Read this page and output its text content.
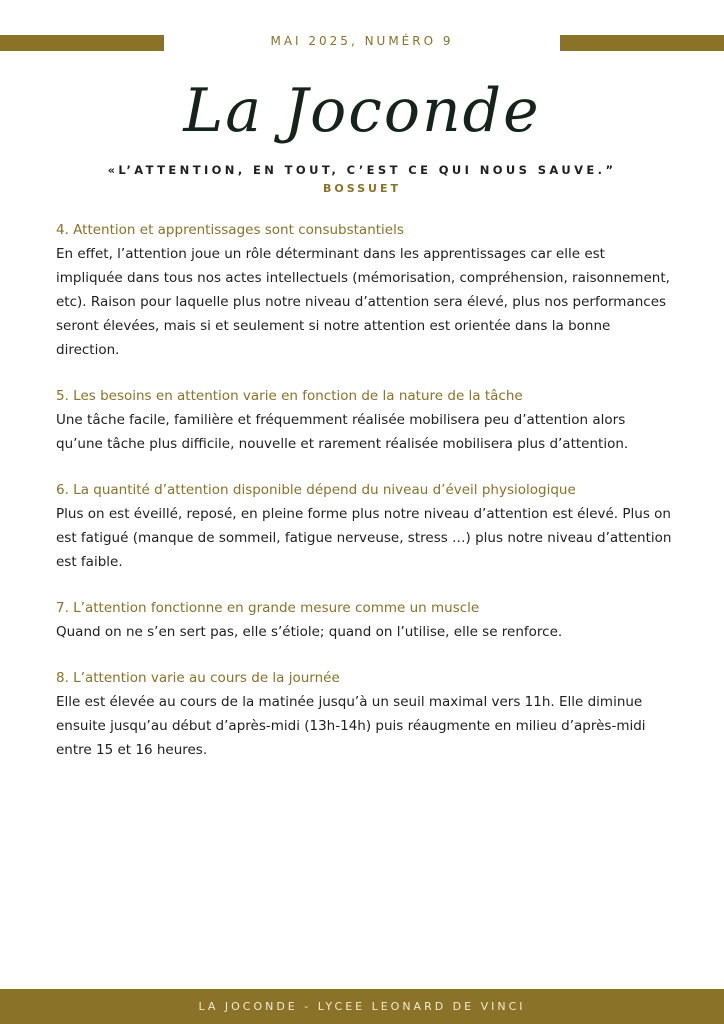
MAI 2025, NUMÉRO 9
La Joconde
«L’ATTENTION, EN TOUT, C’EST CE QUI NOUS SAUVE.”
BOSSUET
4. Attention et apprentissages sont consubstantiels

En effet, l’attention joue un rôle déterminant dans les apprentissages car elle est impliquée dans tous nos actes intellectuels (mémorisation, compréhension, raisonnement, etc). Raison pour laquelle plus notre niveau d’attention sera élevé, plus nos performances seront élevées, mais si et seulement si notre attention est orientée dans la bonne direction.

5. Les besoins en attention varie en fonction de la nature de la tâche

Une tâche facile, familière et fréquemment réalisée mobilisera peu d’attention alors qu’une tâche plus difficile, nouvelle et rarement réalisée mobilisera plus d’attention.

6. La quantité d’attention disponible dépend du niveau d’éveil physiologique

Plus on est éveillé, reposé, en pleine forme plus notre niveau d’attention est élevé. Plus on est fatigué (manque de sommeil, fatigue nerveuse, stress …) plus notre niveau d’attention est faible.

7. L’attention fonctionne en grande mesure comme un muscle

Quand on ne s’en sert pas, elle s’étiole; quand on l’utilise, elle se renforce.

8. L’attention varie au cours de la journée

Elle est élevée au cours de la matinée jusqu’à un seuil maximal vers 11h. Elle diminue ensuite jusqu’au début d’après-midi (13h-14h) puis réaugmente en milieu d’après-midi entre 15 et 16 heures.

LA JOCONDE - LYCEE LEONARD DE VINCI
